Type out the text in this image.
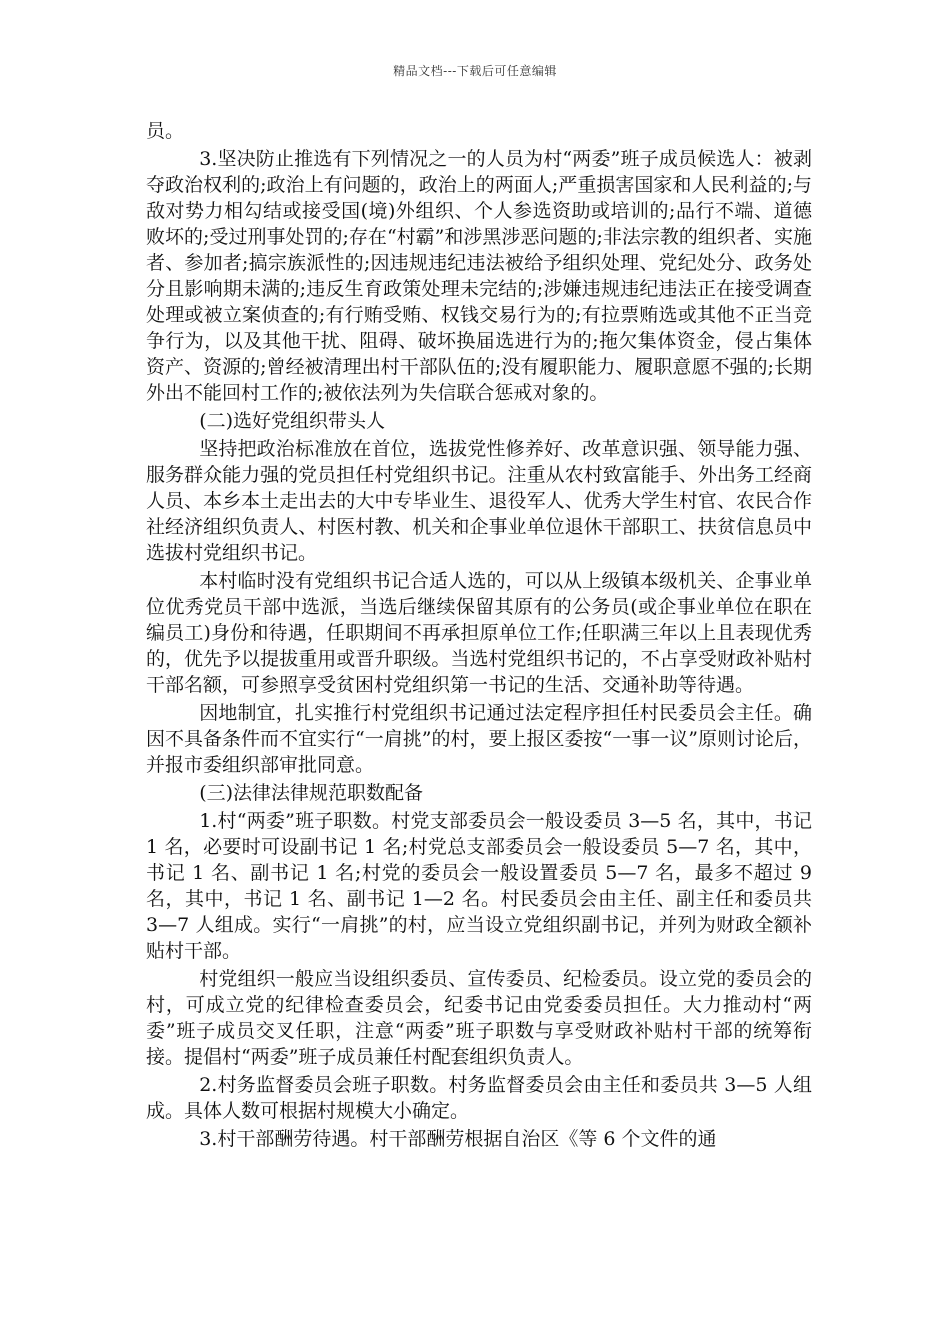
精品文档---下载后可任意编辑

员。

3.坚决防止推选有下列情况之一的人员为村“两委”班子成员候选人：被剥夺政治权利的;政治上有问题的，政治上的两面人;严重损害国家和人民利益的;与敌对势力相勾结或接受国(境)外组织、个人参选资助或培训的;品行不端、道德败坏的;受过刑事处罚的;存在“村霸”和涉黑涉恶问题的;非法宗教的组织者、实施者、参加者;搞宗族派性的;因违规违纪违法被给予组织处理、党纪处分、政务处分且影响期未满的;违反生育政策处理未完结的;涉嫌违规违纪违法正在接受调查处理或被立案侦查的;有行贿受贿、权钱交易行为的;有拉票贿选或其他不正当竞争行为，以及其他干扰、阻碍、破坏换届选进行为的;拖欠集体资金，侵占集体资产、资源的;曾经被清理出村干部队伍的;没有履职能力、履职意愿不强的;长期外出不能回村工作的;被依法列为失信联合惩戒对象的。

(二)选好党组织带头人

坚持把政治标准放在首位，选拔党性修养好、改革意识强、领导能力强、服务群众能力强的党员担任村党组织书记。注重从农村致富能手、外出务工经商人员、本乡本土走出去的大中专毕业生、退役军人、优秀大学生村官、农民合作社经济组织负责人、村医村教、机关和企事业单位退休干部职工、扶贫信息员中选拔村党组织书记。

本村临时没有党组织书记合适人选的，可以从上级镇本级机关、企事业单位优秀党员干部中选派，当选后继续保留其原有的公务员(或企事业单位在职在编员工)身份和待遇，任职期间不再承担原单位工作;任职满三年以上且表现优秀的，优先予以提拔重用或晋升职级。当选村党组织书记的，不占享受财政补贴村干部名额，可参照享受贫困村党组织第一书记的生活、交通补助等待遇。

因地制宜，扎实推行村党组织书记通过法定程序担任村民委员会主任。确因不具备条件而不宜实行“一肩挑”的村，要上报区委按“一事一议”原则讨论后，并报市委组织部审批同意。

(三)法律法律规范职数配备

1.村“两委”班子职数。村党支部委员会一般设委员 3—5 名，其中，书记 1 名，必要时可设副书记 1 名;村党总支部委员会一般设委员 5—7 名，其中，书记 1 名、副书记 1 名;村党的委员会一般设置委员 5—7 名，最多不超过 9 名，其中，书记 1 名、副书记 1—2 名。村民委员会由主任、副主任和委员共 3—7 人组成。实行“一肩挑”的村，应当设立党组织副书记，并列为财政全额补贴村干部。

村党组织一般应当设组织委员、宣传委员、纪检委员。设立党的委员会的村，可成立党的纪律检查委员会，纪委书记由党委委员担任。大力推动村“两委”班子成员交叉任职，注意“两委”班子职数与享受财政补贴村干部的统筹衔接。提倡村“两委”班子成员兼任村配套组织负责人。

2.村务监督委员会班子职数。村务监督委员会由主任和委员共 3—5 人组成。具体人数可根据村规模大小确定。

3.村干部酬劳待遇。村干部酬劳根据自治区《等 6 个文件的通
